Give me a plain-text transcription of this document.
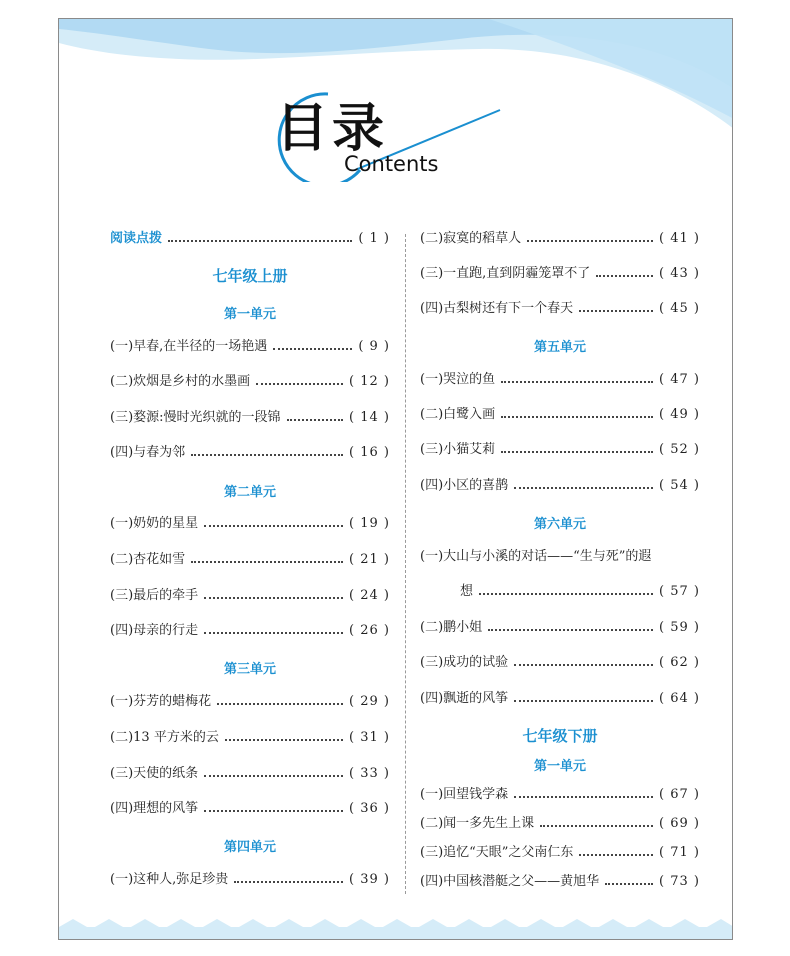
目录
Contents
阅读点拨	( 1 )
七年级上册
第一单元
(一)早春,在半径的一场艳遇	( 9 )
(二)炊烟是乡村的水墨画	( 12 )
(三)婺源:慢时光织就的一段锦	( 14 )
(四)与春为邻	( 16 )
第二单元
(一)奶奶的星星	( 19 )
(二)杏花如雪	( 21 )
(三)最后的牵手	( 24 )
(四)母亲的行走	( 26 )
第三单元
(一)芬芳的蜡梅花	( 29 )
(二)13 平方米的云	( 31 )
(三)天使的纸条	( 33 )
(四)理想的风筝	( 36 )
第四单元
(一)这种人,弥足珍贵	( 39 )
(二)寂寞的稻草人	( 41 )
(三)一直跑,直到阴霾笼罩不了	( 43 )
(四)古梨树还有下一个春天	( 45 )
第五单元
(一)哭泣的鱼	( 47 )
(二)白鹭入画	( 49 )
(三)小猫艾莉	( 52 )
(四)小区的喜鹊	( 54 )
第六单元
(一)大山与小溪的对话——“生与死”的遐
想	( 57 )
(二)鹏小姐	( 59 )
(三)成功的试验	( 62 )
(四)飘逝的风筝	( 64 )
七年级下册
第一单元
(一)回望钱学森	( 67 )
(二)闻一多先生上课	( 69 )
(三)追忆“天眼”之父南仁东	( 71 )
(四)中国核潜艇之父——黄旭华	( 73 )
